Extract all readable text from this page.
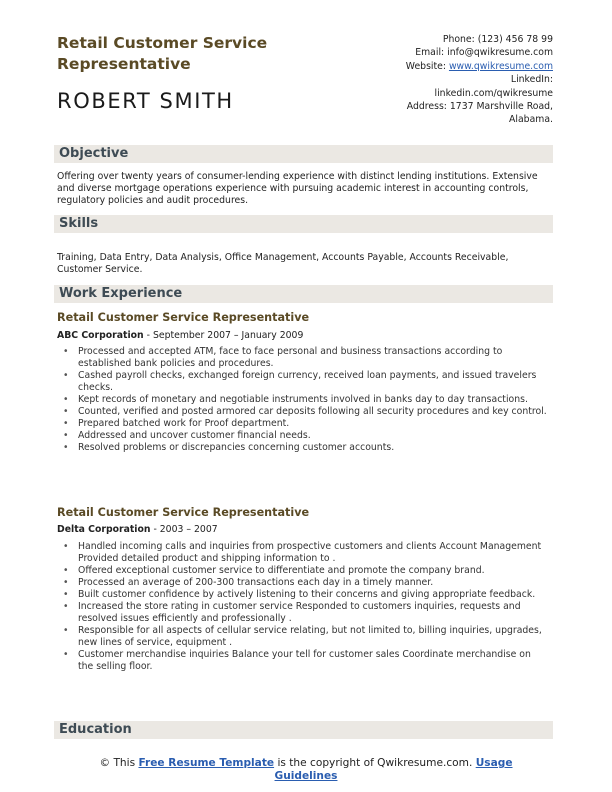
Retail Customer Service Representative
ROBERT SMITH
Phone: (123) 456 78 99
Email: info@qwikresume.com
Website: www.qwikresume.com
LinkedIn:
linkedin.com/qwikresume
Address: 1737 Marshville Road,
Alabama.
Objective
Offering over twenty years of consumer-lending experience with distinct lending institutions. Extensive and diverse mortgage operations experience with pursuing academic interest in accounting controls, regulatory policies and audit procedures.
Skills
Training, Data Entry, Data Analysis, Office Management, Accounts Payable, Accounts Receivable, Customer Service.
Work Experience
Retail Customer Service Representative
ABC Corporation - September 2007 – January 2009
• Processed and accepted ATM, face to face personal and business transactions according to established bank policies and procedures.
• Cashed payroll checks, exchanged foreign currency, received loan payments, and issued travelers checks.
• Kept records of monetary and negotiable instruments involved in banks day to day transactions.
• Counted, verified and posted armored car deposits following all security procedures and key control.
• Prepared batched work for Proof department.
• Addressed and uncover customer financial needs.
• Resolved problems or discrepancies concerning customer accounts.
Retail Customer Service Representative
Delta Corporation - 2003 – 2007
• Handled incoming calls and inquiries from prospective customers and clients Account Management Provided detailed product and shipping information to .
• Offered exceptional customer service to differentiate and promote the company brand.
• Processed an average of 200-300 transactions each day in a timely manner.
• Built customer confidence by actively listening to their concerns and giving appropriate feedback.
• Increased the store rating in customer service Responded to customers inquiries, requests and resolved issues efficiently and professionally .
• Responsible for all aspects of cellular service relating, but not limited to, billing inquiries, upgrades, new lines of service, equipment .
• Customer merchandise inquiries Balance your tell for customer sales Coordinate merchandise on the selling floor.
Education
© This Free Resume Template is the copyright of Qwikresume.com. Usage
Guidelines
